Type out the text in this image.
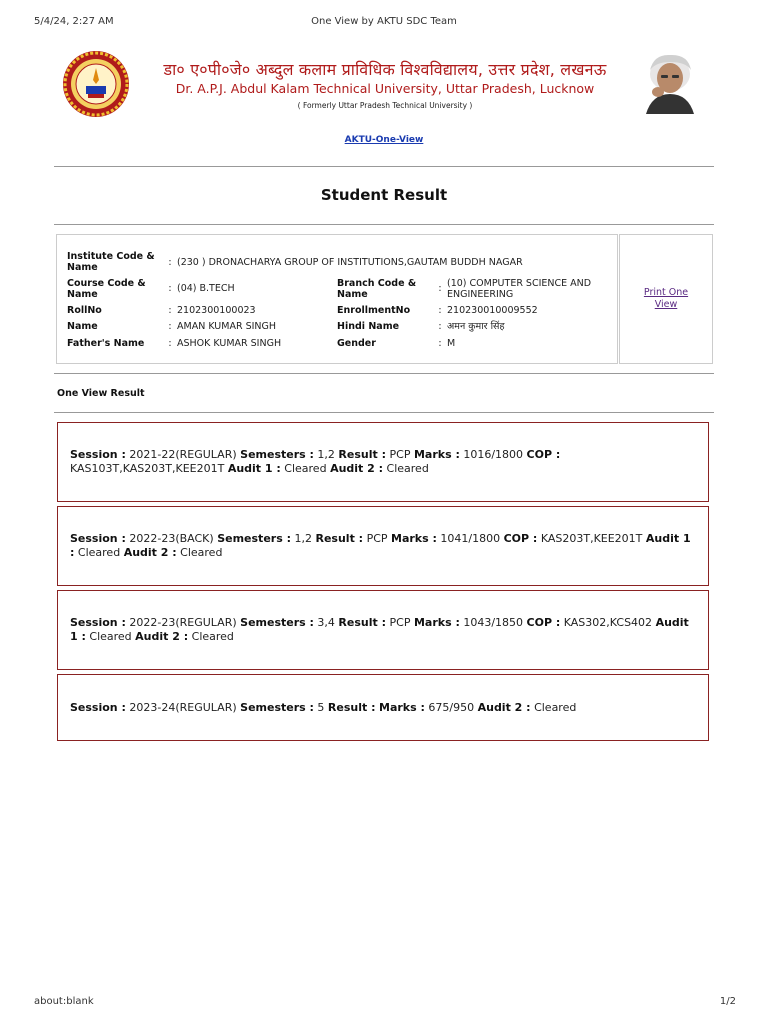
5/4/24, 2:27 AM	One View by AKTU SDC Team
डा० ए०पी०जे० अब्दुल कलाम प्राविधिक विश्वविद्यालय, उत्तर प्रदेश, लखनऊ
Dr. A.P.J. Abdul Kalam Technical University, Uttar Pradesh, Lucknow
( Formerly Uttar Pradesh Technical University )
AKTU-One-View
Student Result
Institute Code & Name	:	(230 ) DRONACHARYA GROUP OF INSTITUTIONS,GAUTAM BUDDH NAGAR			
Course Code & Name	:	(04) B.TECH	Branch Code & Name	:	(10) COMPUTER SCIENCE AND ENGINEERING
RollNo	:	2102300100023	EnrollmentNo	:	210230010009552
Name	:	AMAN KUMAR SINGH	Hindi Name	:	अमन कुमार सिंह
Father's Name	:	ASHOK KUMAR SINGH	Gender	:	M
Print One View
One View Result
Session : 2021-22(REGULAR) Semesters : 1,2 Result : PCP Marks : 1016/1800 COP : KAS103T,KAS203T,KEE201T Audit 1 : Cleared Audit 2 : Cleared
Session : 2022-23(BACK) Semesters : 1,2 Result : PCP Marks : 1041/1800 COP : KAS203T,KEE201T Audit 1 : Cleared Audit 2 : Cleared
Session : 2022-23(REGULAR) Semesters : 3,4 Result : PCP Marks : 1043/1850 COP : KAS302,KCS402 Audit 1 : Cleared Audit 2 : Cleared
Session : 2023-24(REGULAR) Semesters : 5 Result : Marks : 675/950 Audit 2 : Cleared
about:blank	1/2
